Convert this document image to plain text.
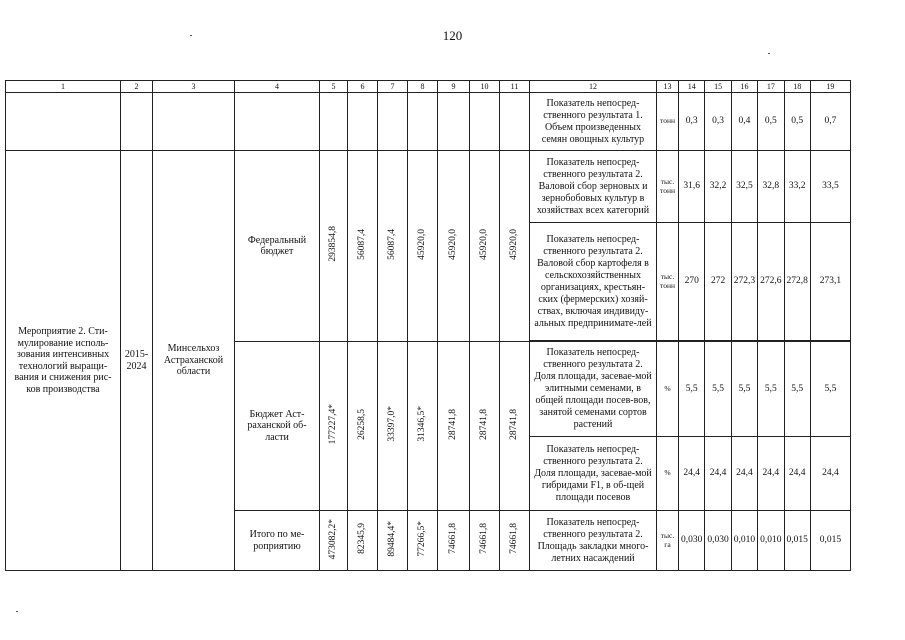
120
1	2	3	4	5	6	7	8	9	10	11	12	13	14	15	16	17	18	19
											Показатель непосред-ственного результата 1. Объем произведенных семян овощных культур	тонн	0,3	0,3	0,4	0,5	0,5	0,7
Мероприятие 2. Сти-мулирование исполь-зования интенсивных технологий выращи-вания и снижения рис-ков производства	2015-2024	Минсельхоз Астраханской области	Федеральный бюджет	293854,8	56087,4	56087,4	45920,0	45920,0	45920,0	45920,0	Показатель непосред-ственного результата 2. Валовой сбор зерновых и зернобобовых культур в хозяйствах всех категорий	тыс. тонн	31,6	32,2	32,5	32,8	33,2	33,5
											Показатель непосред-ственного результата 2. Валовой сбор картофеля в сельскохозяйственных организациях, крестьян-ских (фермерских) хозяй-ствах, включая индивиду-альных предпринимате-лей	тыс. тонн	270	272	272,3	272,6	272,8	273,1

			Бюджет Аст-раханской об-ласти	177227,4*	26258,5	33397,0*	31346,5*	28741,8	28741,8	28741,8	Показатель непосред-ственного результата 2. Доля площади, засевае-мой элитными семенами, в общей площади посев-вов, занятой семенами сортов растений	%	5,5	5,5	5,5	5,5	5,5	5,5
											Показатель непосред-ственного результата 2. Доля площади, засевае-мой гибридами F1, в об-щей площади посевов	%	24,4	24,4	24,4	24,4	24,4	24,4
			Итого по ме-роприятию	473082,2*	82345,9	89484,4*	77266,5*	74661,8	74661,8	74661,8	Показатель непосред-ственного результата 2. Площадь закладки много-летних насаждений	тыс. га	0,030	0,030	0,010	0,010	0,015	0,015
